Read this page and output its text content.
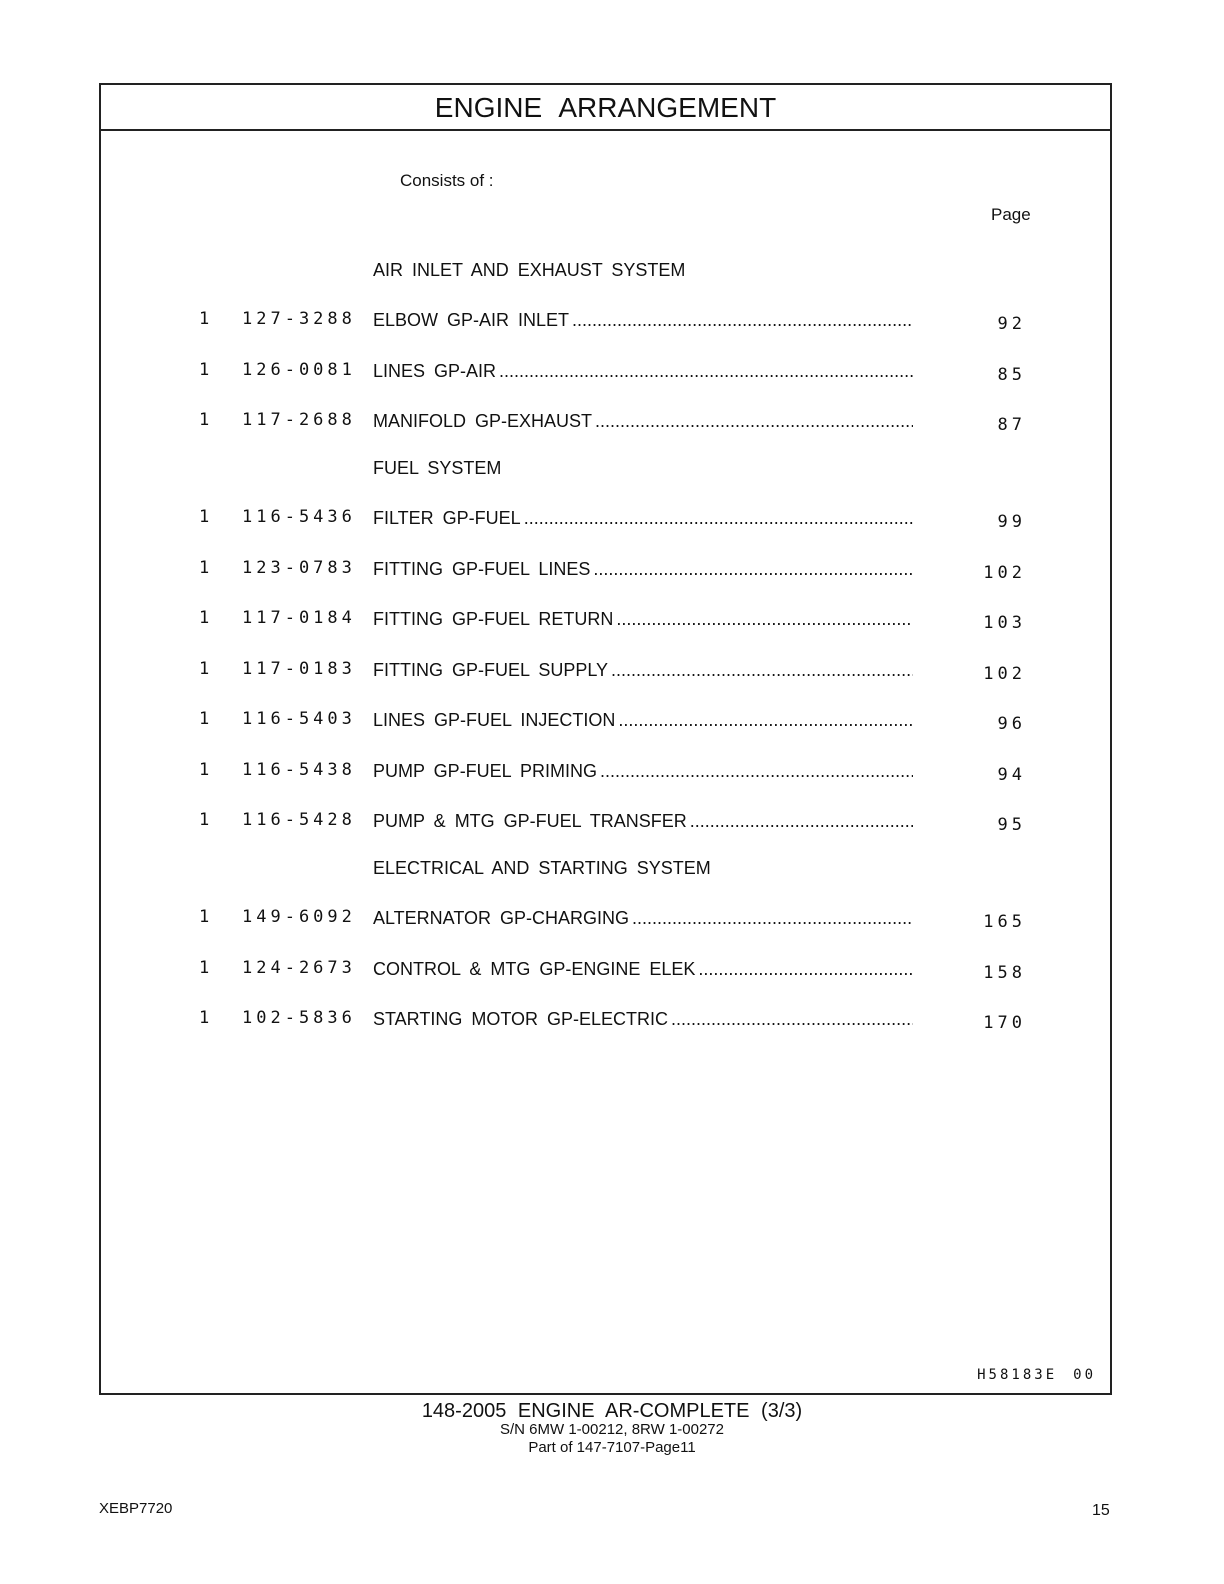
ENGINE ARRANGEMENT
Consists of :
Page
AIR INLET AND EXHAUST SYSTEM
1 127-3288 ELBOW GP-AIR INLET .....	92
1 126-0081 LINES GP-AIR .....	85
1 117-2688 MANIFOLD GP-EXHAUST .....	87
FUEL SYSTEM
1 116-5436 FILTER GP-FUEL .....	99
1 123-0783 FITTING GP-FUEL LINES .....	102
1 117-0184 FITTING GP-FUEL RETURN .....	103
1 117-0183 FITTING GP-FUEL SUPPLY .....	102
1 116-5403 LINES GP-FUEL INJECTION .....	96
1 116-5438 PUMP GP-FUEL PRIMING .....	94
1 116-5428 PUMP & MTG GP-FUEL TRANSFER .....	95
ELECTRICAL AND STARTING SYSTEM
1 149-6092 ALTERNATOR GP-CHARGING .....	165
1 124-2673 CONTROL & MTG GP-ENGINE ELEK .....	158
1 102-5836 STARTING MOTOR GP-ELECTRIC .....	170
H58183E 00
148-2005 ENGINE AR-COMPLETE (3/3)
S/N 6MW 1-00212, 8RW 1-00272
Part of 147-7107-Page11
XEBP7720	15
